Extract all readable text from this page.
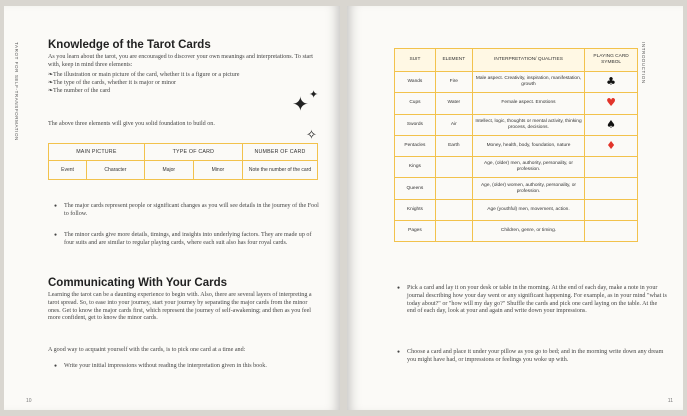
TAROT FOR SELF-TRANSFORMATION	Knowledge of the Tarot Cards

As you learn about the tarot, you are encouraged to discover your own meanings and interpretations. To start with, keep in mind three elements:

❧ The illustration or main picture of the card, whether it is a figure or a picture
❧ The type of the cards, whether it is major or minor
❧ The number of the card

The above three elements will give you solid foundation to build on.

✦ ✦
✧
MAIN PICTURE		TYPE OF CARD		NUMBER OF CARD
Event	Character	Major	Minor	Note the number of the card
● The major cards represent people or significant changes as you will see details in the journey of the Fool to follow.
● The minor cards give more details, timings, and insights into underlying factors. They are made up of four suits and are similar to regular playing cards, where each suit also has four royal cards.
Communicating With Your Cards

Learning the tarot can be a daunting experience to begin with. Also, there are several layers of interpreting a tarot spread. So, to ease into your journey, start your journey by separating the major cards from the minor ones. Get to know the major cards first, which represent the journey of self-awakening; and then as you feel more confident, get to know the minor cards.

A good way to acquaint yourself with the cards, is to pick one card at a time and:

● Write your initial impressions without reading the interpretation given in this book.
10
INTRODUCTION
SUIT	ELEMENT	INTERPRETATION/ QUALITIES	PLAYING CARD SYMBOL
Wands	Fire	Male aspect. Creativity, inspiration, manifestation, growth	♣
Cups	Water	Female aspect. Emotions	♥
Swords	Air	Intellect, logic, thoughts or mental activity, thinking process, decisions.	♠
Pentacles	Earth	Money, health, body, foundation, nature	♦
Kings		Age, (older) men, authority, personality, or profession.	
Queens		Age, (older) women, authority, personality, or profession.	
Knights		Age (youthful) men, movement, action.	
Pages		Children, genre, or timing.	
● Pick a card and lay it on your desk or table in the morning. At the end of each day, make a note in your journal describing how your day went or any significant happening. For example, as in your mind "what is today about?" or "how will my day go?" Shuffle the cards and pick one card laying on the table. At the end of each day, look at your and again and write down your impressions.
● Choose a card and place it under your pillow as you go to bed; and in the morning write down any dream you might have had, or impressions or feelings you woke up with.
11
